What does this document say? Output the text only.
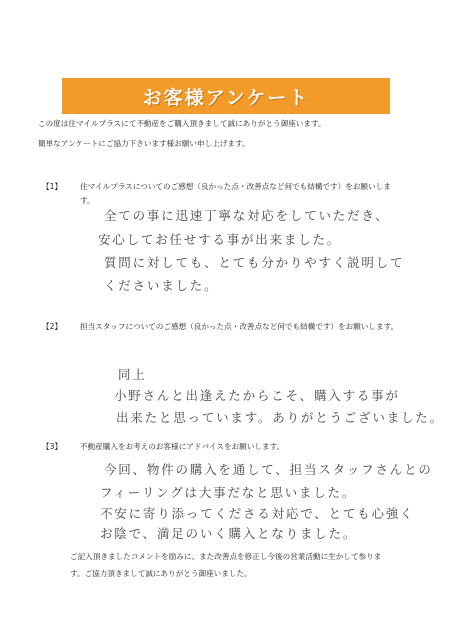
お客様アンケート
この度は住マイルプラスにて不動産をご購入頂きまして誠にありがとう御座います。
簡単なアンケートにご協力下さいます様お願い申し上げます。
【1】 住マイルプラスについてのご感想（良かった点・改善点など何でも結構です）をお願いします。
全ての事に迅速丁寧な対応をしていただき、
安心してお任せする事が出来ました。
質問に対しても、とても分かりやすく説明して
くださいました。
【2】 担当スタッフについてのご感想（良かった点・改善点など何でも結構です）をお願いします。
同上
小野さんと出逢えたからこそ、購入する事が
出来たと思っています。ありがとうございました。
【3】 不動産購入をお考えのお客様にアドバイスをお願いします。
今回、物件の購入を通して、担当スタッフさんとの
フィーリングは大事だなと思いました。
不安に寄り添ってくださる対応で、とても心強く
お陰で、満足のいく購入となりました。
ご記入頂きましたコメントを励みに、また改善点を修正し今後の営業活動に生かして参りま
す。ご協力頂きまして誠にありがとう御座いました。
